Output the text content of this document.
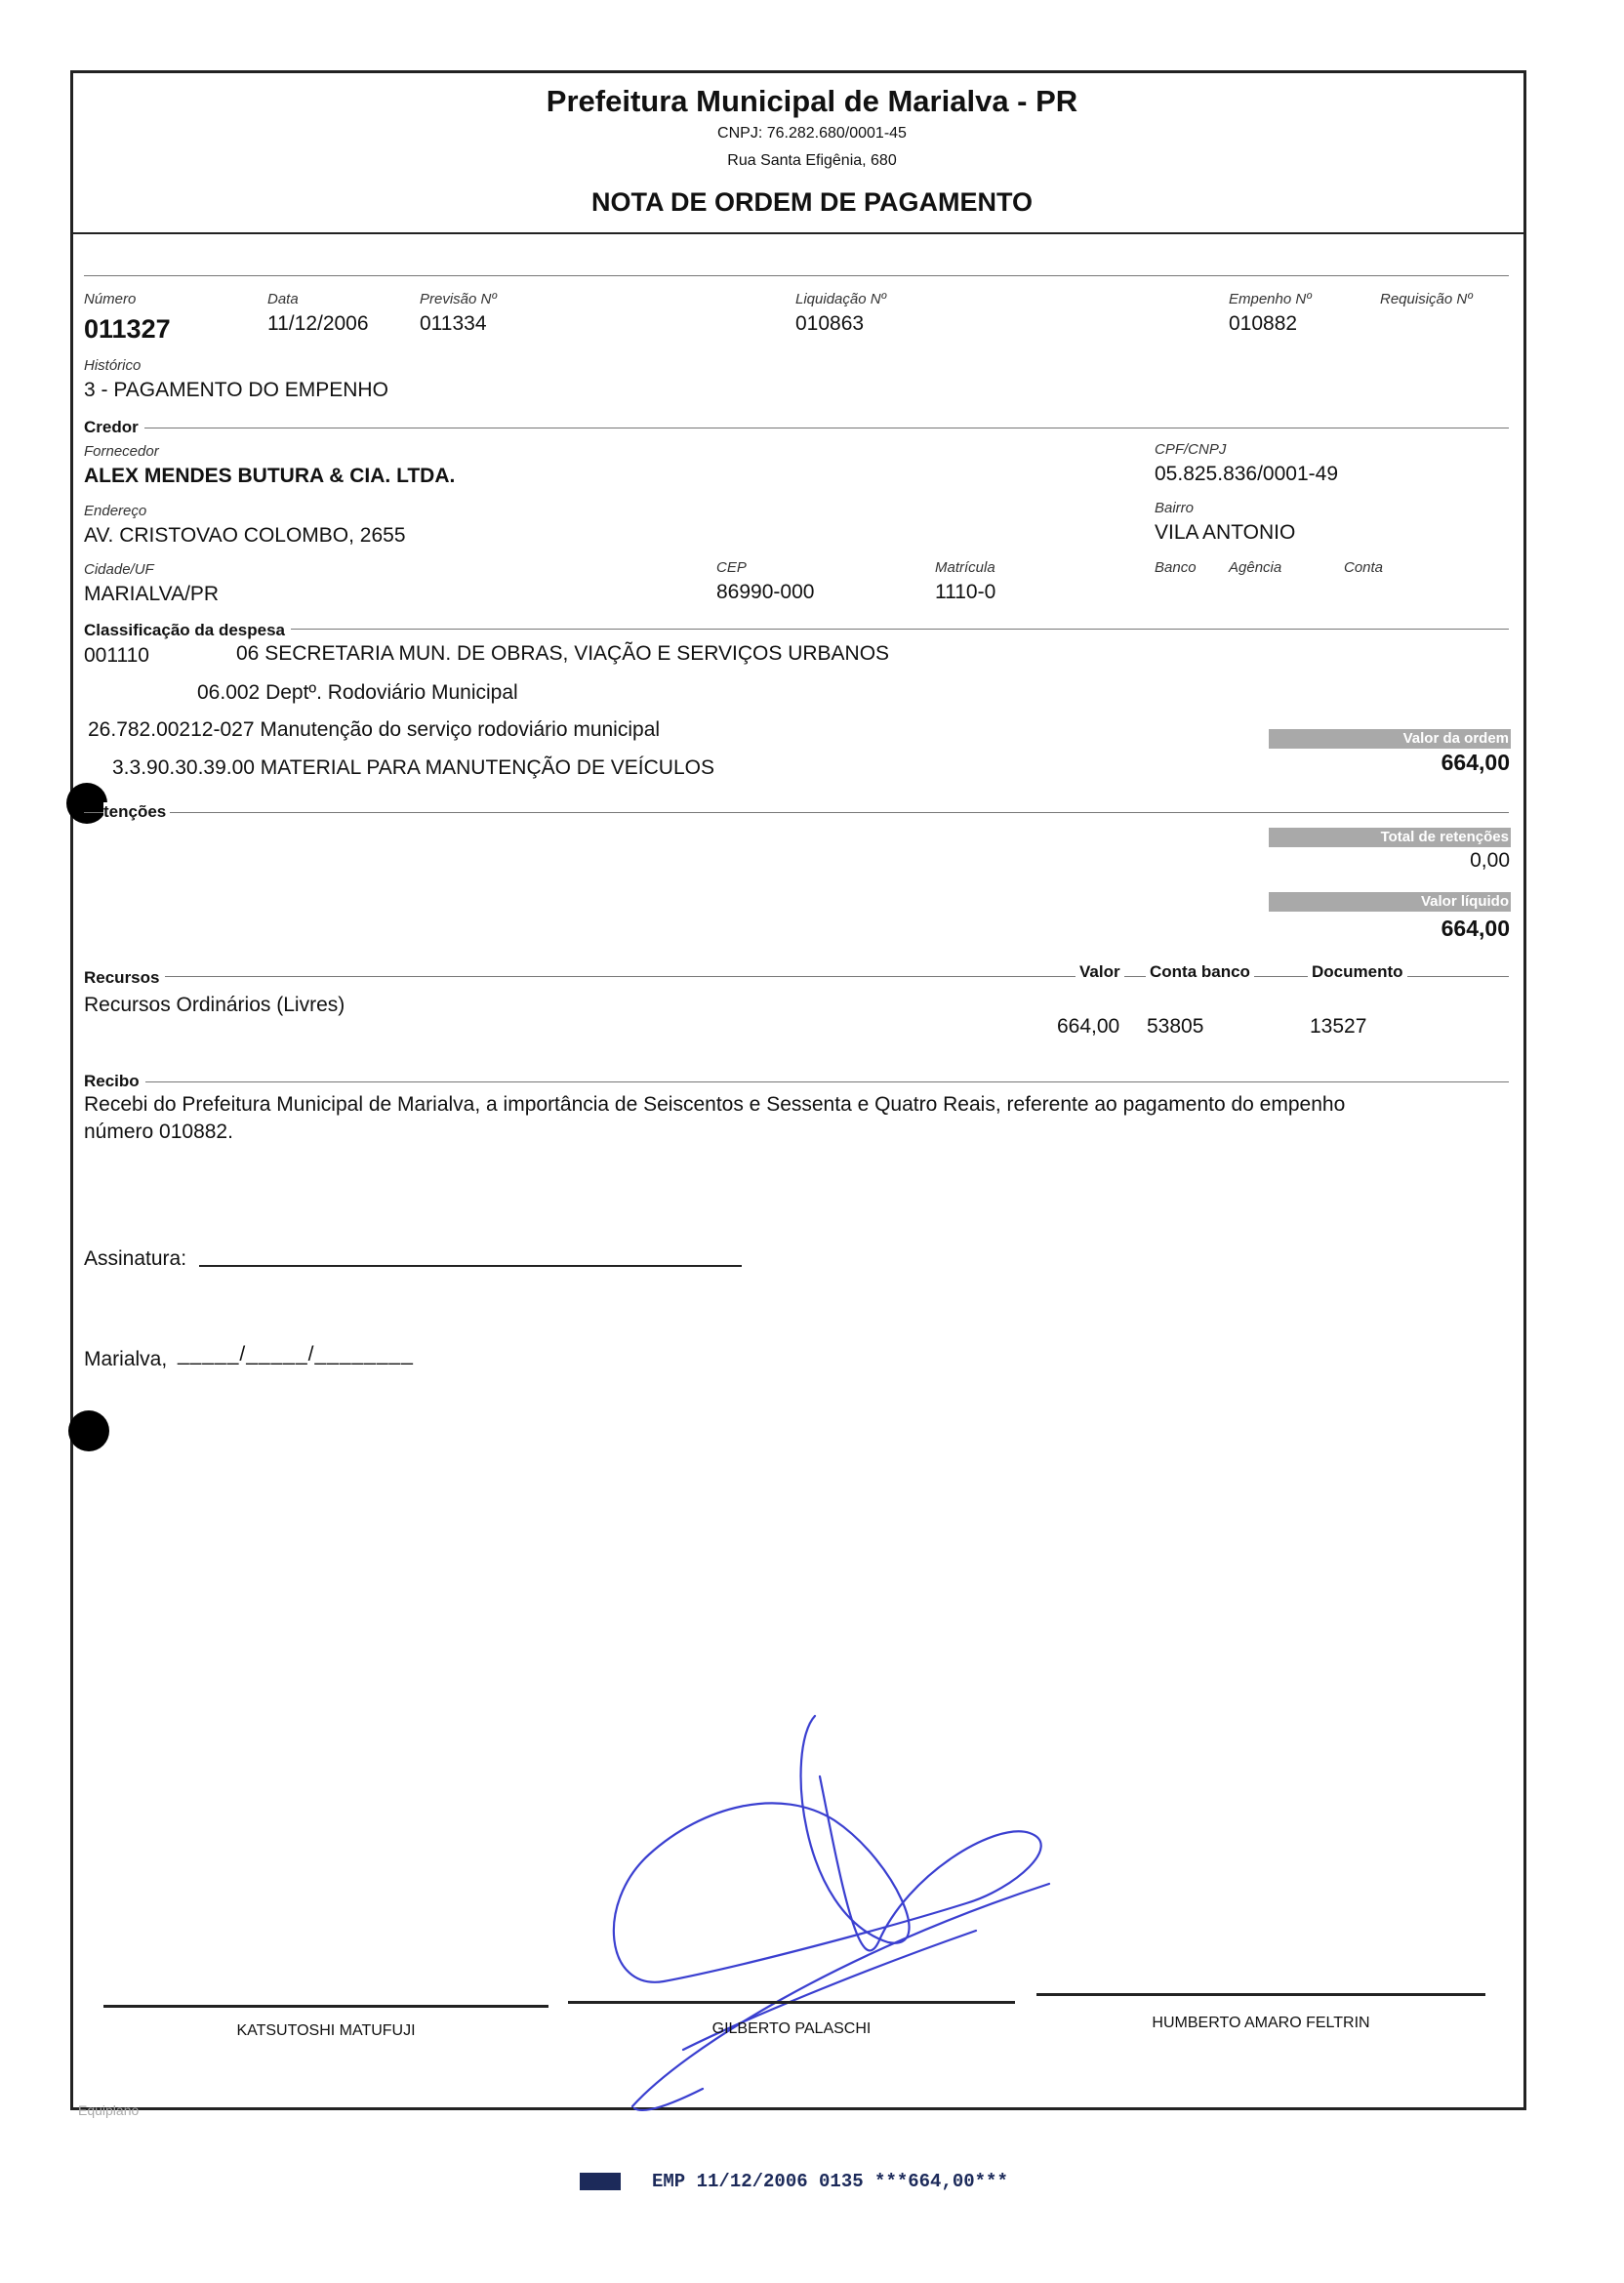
Prefeitura Municipal de Marialva - PR
CNPJ: 76.282.680/0001-45
Rua Santa Efigênia, 680
NOTA DE ORDEM DE PAGAMENTO
Número
011327
Data
11/12/2006
Previsão Nº
011334
Liquidação Nº
010863
Empenho Nº
010882
Requisição Nº
Histórico
3 - PAGAMENTO DO EMPENHO
Credor
Fornecedor
ALEX MENDES BUTURA & CIA. LTDA.
CPF/CNPJ
05.825.836/0001-49
Endereço
AV. CRISTOVAO COLOMBO, 2655
Bairro
VILA ANTONIO
Cidade/UF
MARIALVA/PR
CEP
86990-000
Matrícula
1110-0
Banco Agência	Conta
Classificação da despesa
001110	06 SECRETARIA MUN. DE OBRAS, VIAÇÃO E SERVIÇOS URBANOS
06.002 Deptº. Rodoviário Municipal
26.782.00212-027 Manutenção do serviço rodoviário municipal
3.3.90.30.39.00 MATERIAL PARA MANUTENÇÃO DE VEÍCULOS
Valor da ordem
664,00
tenções
Total de retenções
0,00
Valor líquido
664,00
Recursos	Valor Conta banco	Documento
Recursos Ordinários (Livres)
664,00 53805	13527
Recibo
Recebi do Prefeitura Municipal de Marialva, a importância de Seiscentos e Sessenta e Quatro Reais, referente ao pagamento do empenho
número 010882.
Assinatura:
Marialva, _____/_____/________
KATSUTOSHI MATUFUJI	GILBERTO PALASCHI	HUMBERTO AMARO FELTRIN
Equiplano
EMP 11/12/2006 0135 ***664,00***
